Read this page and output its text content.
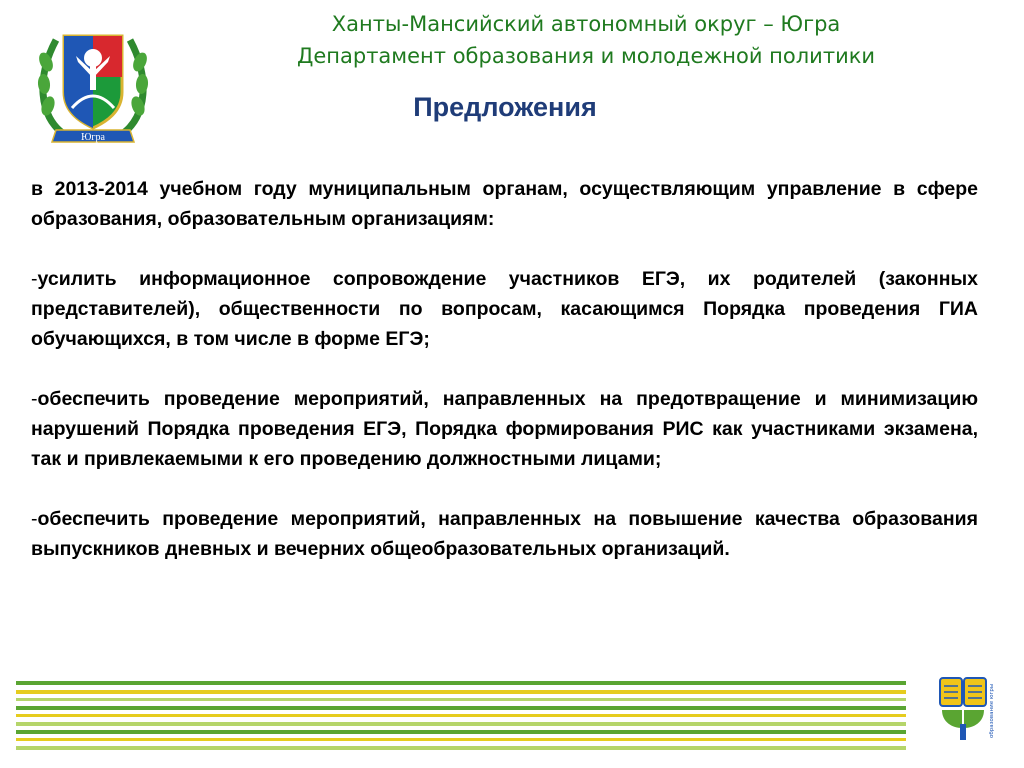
Югра
Ханты-Мансийский автономный округ – Югра
Департамент образования и молодежной политики
Предложения

в 2013-2014 учебном году муниципальным органам, осуществляющим управление в сфере образования, образовательным организациям:

-усилить информационное сопровождение участников ЕГЭ, их родителей (законных представителей), общественности по вопросам, касающимся Порядка проведения ГИА обучающихся, в том числе в форме ЕГЭ;

-обеспечить проведение мероприятий, направленных на предотвращение и минимизацию нарушений Порядка проведения ЕГЭ, Порядка формирования РИС как участниками экзамена, так и привлекаемыми к его проведению должностными лицами;

-обеспечить проведение мероприятий, направленных на повышение качества образования выпускников дневных и вечерних общеобразовательных организаций.

образование югры
